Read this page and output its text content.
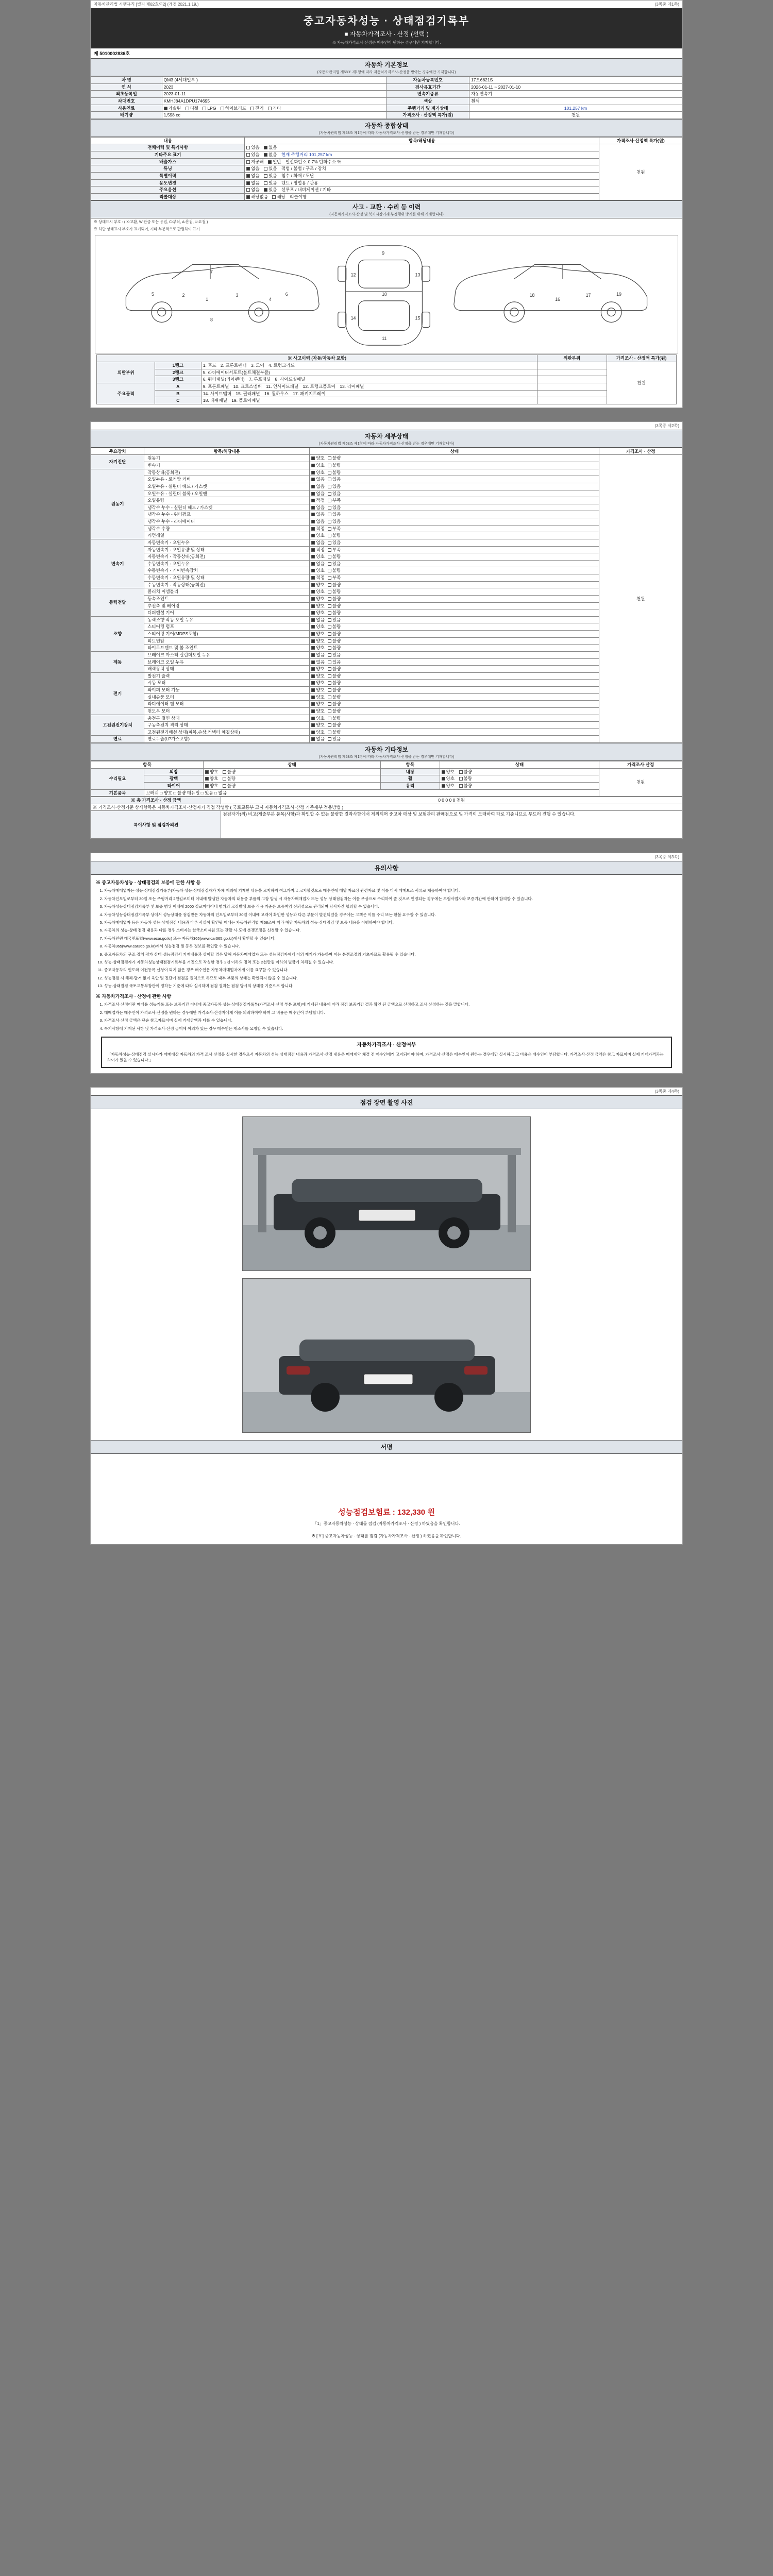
자동차관리법 시행규칙 [별지 제82호의2] (개정 2021.1.19.)	(3쪽중 제1쪽)
중고자동차성능 · 상태점검기록부
■ 자동차가격조사 · 산정 (선택 )
※ 자동차가격조사·산정은 매수인이 원하는 경우에만 기재합니다.
제 5010002836호
자동차 기본정보
(자동차관리법 제58조 제1항에 따라 자동차가격조사·산정을 받아는 경우에만 기재합니다)
차 명	QM3 (4세대일부 )	자동차등록번호	17오6621S
연 식	2023	검사유효기간	2026-01-11 ~ 2027-01-10
최초등록일	2023-01-11	변속기종류	자동변속기
차대번호	KMHJ84A1DPU174695	색상	흰색
사용연료	가솔린 디젤 LPG 하이브리드 전기 기타	주행거리 및 계기상태	101,257 km
배기량	1,598 cc	가격조사 · 산정액 특가(원)	천원
자동차 종합상태
(자동차관리법 제58조 제1항에 따라 자동차가격조사·산정을 받는 경우에만 기재합니다)
내용	항목/해당내용	가격조사·산정액 특가(원)
전체이력 및 특기사항	있음 없음	천원
기타주요 표기	있음 없음 현재 주행거리 101,257 km	
배출가스	저공해 일반 일산화탄소 0.7% 탄화수소 %	
튜닝	없음 있음 적법 / 불법 / 구조 / 장치	
특별이력	없음 있음 침수 / 화재 / 도난	
용도변경	없음 있음 렌트 / 영업용 / 관용	
주요옵션	없음 있음 선루프 / 내비게이션 / 기타	
리콜대상	해당없음 해당 리콜이행	
사고 · 교환 · 수리 등 이력
(자동차가격조사·산정 및 북키시장거래 부정행위 방지를 위해 기재합니다)
※ 상태표시 부호 : ( X:교환, W:판금 또는 용접, C:부식, A:흠집, U:요철 )
※ 하단 상태표시 부호가 표기되어, 기타 부분적으로 판별하여 표기
1
2	3
4
5	6
7
8
9
10
11
12	13
14	15
16
17
18	19
※ 사고이력 (자동/자동차 포함)			외판부위	가격조사 · 산정액 특가(원)
외판부위	1랭크	1. 후드 2. 프론트펜더 3. 도어 4. 트렁크리드		천원
	2랭크	5. 라디에이터서포트(볼트체결부품)		
	3랭크	6. 쿼터패널(리어펜더) 7. 루프패널 8. 사이드실패널		
주요골격	A	9. 프론트패널 10. 크로스멤버 11. 인사이드패널 12. 트렁크플로어 13. 리어패널		
	B	14. 사이드멤버 15. 필러패널 16. 휠하우스 17. 패키지트레이		
	C	18. 대쉬패널 19. 플로어패널		
(3쪽중 제2쪽)
자동차 세부상태
(자동차관리법 제58조 제1항에 따라 자동차가격조사·산정을 받는 경우에만 기재합니다)
주요장치	항목/해당내용	상태	가격조사 · 산정
자기진단	원동기	양호 불량	천원
	변속기	양호 불량	
원동기	작동상태(공회전)	양호 불량	
	오일누유 - 로커암 커버	없음 있음	
	오일누유 - 실린더 헤드 / 가스켓	없음 있음	
	오일누유 - 실린더 블록 / 오일팬	없음 있음	
	오일유량	적정 부족	
	냉각수 누수 - 실린더 헤드 / 가스켓	없음 있음	
	냉각수 누수 - 워터펌프	없음 있음	
	냉각수 누수 - 라디에이터	없음 있음	
	냉각수 수량	적정 부족	
	커먼레일	양호 불량	
변속기	자동변속기 - 오일누유	없음 있음	
	자동변속기 - 오일유량 및 상태	적정 부족	
	자동변속기 - 작동상태(공회전)	양호 불량	
	수동변속기 - 오일누유	없음 있음	
	수동변속기 - 기어변속장치	양호 불량	
	수동변속기 - 오일유량 및 상태	적정 부족	
	수동변속기 - 작동상태(공회전)	양호 불량	
동력전달	클러치 어셈블리	양호 불량	
	등속조인트	양호 불량	
	추진축 및 베어링	양호 불량	
	디퍼렌셜 기어	양호 불량	
조향	동력조향 작동 오일 누유	없음 있음	
	스티어링 펌프	양호 불량	
	스티어링 기어(MDPS포함)	양호 불량	
	피트먼암	양호 불량	
	타이로드엔드 및 볼 조인트	양호 불량	
제동	브레이크 마스터 실린더오일 누유	없음 있음	
	브레이크 오일 누유	없음 있음	
	배력장치 상태	양호 불량	
전기	발전기 출력	양호 불량	
	시동 모터	양호 불량	
	와이퍼 모터 기능	양호 불량	
	실내송풍 모터	양호 불량	
	라디에이터 팬 모터	양호 불량	
	윈도우 모터	양호 불량	
고전원전기장치	충전구 절연 상태	양호 불량	
	구동축전지 격리 상태	양호 불량	
	고전원전기배선 상태(피복,손상,커넥터 체결상태)	양호 불량	
연료	연료누출(LP가스포함)	없음 있음	
자동차 기타정보
(자동차관리법 제58조 제1항에 따라 자동차가격조사·산정을 받는 경우에만 기재합니다)
항목		상태	항목	상태	가격조사·산정
수리필요	외장	양호 불량	내장	양호 불량	천원
	광택	양호 불량	휠	양호 불량	
	타이어	양호 불량	유리	양호 불량	
기본품목	브러쉬 □ 양호 □ 불량 매뉴얼 □ 있음 □ 없음				
※ 총 가격조사 · 산정 금액	0 0 0 0 0 천원
※ 가격조사·산정기준 상세항목은 자동차가격조사·산정자가 직접 작성함 ( 국토교통부 고시 자동차가격조사·산정 기준세부 적용방법 )	
특이사항 및 점검자의견	점검자가(의) 비고(제출부분 품목(사항)과 확인할 수 없는 불량한 결과사항에서 제외되며 중고차 매상 및 보험관리 판매점으로 및 가격이 도래하여 타로 기준니므로 부드러 진행 수 있습니다.
(3쪽중 제3쪽)
유의사항
※ 중고자동차성능 · 상태점검의 보증에 관한 사항 등
1. 자동차매매업자는 성능·상태점검기록부(자동차 성능·상태점검자가 자체 제외에 기재한 내용을 고지하지 여그가지고 고지할것으로 매수인에 해당 자료상 관련자료 및 이를 다시 매매보조 서류로 제공하여야 합니다.
2. 자동차인도일로부터 30일 또는 주행거리 2천킬로미터 이내에 발생한 자동차의 내용중 부품의 고장 발생 시 자동차매매업자 또는 성능·상태점검자는 이를 무상으로 수리하여 줄 것으로 인정되는 경우에는 보험사업자와 보증기간에 관하여 합의할 수 있습니다.
3. 자동차성능상태점검기록부 및 보증 범위 이내에 2000 킬로미터이내 범위의 고장발생 보증 적용 기준은 보증책임 신뢰성으로 관리되며 당사자간 합의할 수 있습니다.
4. 자동차성능상태점검기록부 상에서 성능상태를 점검받은 자동차의 인도일로부터 30일 이내에 고객이 확인한 성능과 다른 부분이 발견되었을 경우에는 고객은 이를 수리 또는 환불 요구할 수 있습니다.
5. 자동차매매업자 등은 자동차 성능·상태점검 내용과 다른 사실이 확인될 때에는 자동차관리법 제58조에 따라 해당 자동차의 성능·상태점검 및 보증 내용을 이행하여야 합니다.
6. 자동차의 성능·상태 점검 내용과 다를 경우 소비자는 한국소비자원 또는 관할 시·도에 분쟁조정을 신청할 수 있습니다.
7. 자동차민원 대국민포털(www.ecar.go.kr) 또는 자동차365(www.car365.go.kr)에서 확인할 수 있습니다.
8. 자동차365(www.car365.go.kr)에서 성능점검 및 등록 정보를 확인할 수 있습니다.
9. 중고자동차의 구조·장치 평가 상태·성능점검서 기재내용과 상이할 경우 당해 자동차매매업자 또는 성능점검자에게 이의 제기가 가능하며 이는 분쟁조정의 기초자료로 활용될 수 있습니다.
10. 성능·상태점검자가 자동차성능상태점검기록부를 거짓으로 작성한 경우 2년 이하의 징역 또는 2천만원 이하의 벌금에 처해질 수 있습니다.
11. 중고자동차의 인도와 이전등록 신청이 되지 않은 경우 매수인은 자동차매매업자에게 이를 요구할 수 있습니다.
12. 성능점검 시 해체·탈거 없이 육안 및 진단기 점검을 원칙으로 하므로 내부 부품의 상태는 확인되지 않을 수 있습니다.
13. 성능·상태점검 국토교통부장관이 정하는 기준에 따라 실시하며 점검 결과는 점검 당시의 상태를 기준으로 합니다.
※ 자동차가격조사 · 산정에 관한 사항
1. 가격조사·산정이란 매매용 성능기록 또는 보증기간 이내에 중고자동차 성능·상태점검기록부(가격조사·산정 부분 포함)에 기재된 내용에 따라 점검 보증기간 결과 확인 된 금액으로 산정하고 조사·산정하는 것을 말합니다.
2. 매매업자는 매수인이 가격조사·산정을 원하는 경우에만 가격조사·산정자에게 이를 의뢰하여야 하며 그 비용은 매수인이 부담합니다.
3. 가격조사·산정 금액은 단순 참고자료이며 실제 거래금액과 다를 수 있습니다.
4. 특기사항에 기재된 사항 및 가격조사·산정 금액에 이의가 있는 경우 매수인은 재조사를 요청할 수 있습니다.
자동차가격조사 · 산정여부
「자동차성능·상태점검 실시자가 매매대상 자동차의 가격 조사·산정을 실시한 경우로서 자동차의 성능·상태점검 내용과 가격조사·산정 내용은 매매계약 체결 전 매수인에게 고지되어야 하며, 가격조사·산정은 매수인이 원하는 경우에만 실시하고 그 비용은 매수인이 부담합니다. 가격조사·산정 금액은 참고 자료이며 실제 거래가격과는 차이가 있을 수 있습니다.」
(3쪽중 제4쪽)
점검 장면 촬영 사진
서명
성능점검보험료 : 132,330 원
「1」중고자동차성능 · 상태를 점검 (자동차가격조사 · 산정 ) 하였음을 확인합니다.
※ [ Y ] 중고자동차성능 · 상태를 점검 (자동차가격조사 · 산정 ) 하였음을 확인합니다.
